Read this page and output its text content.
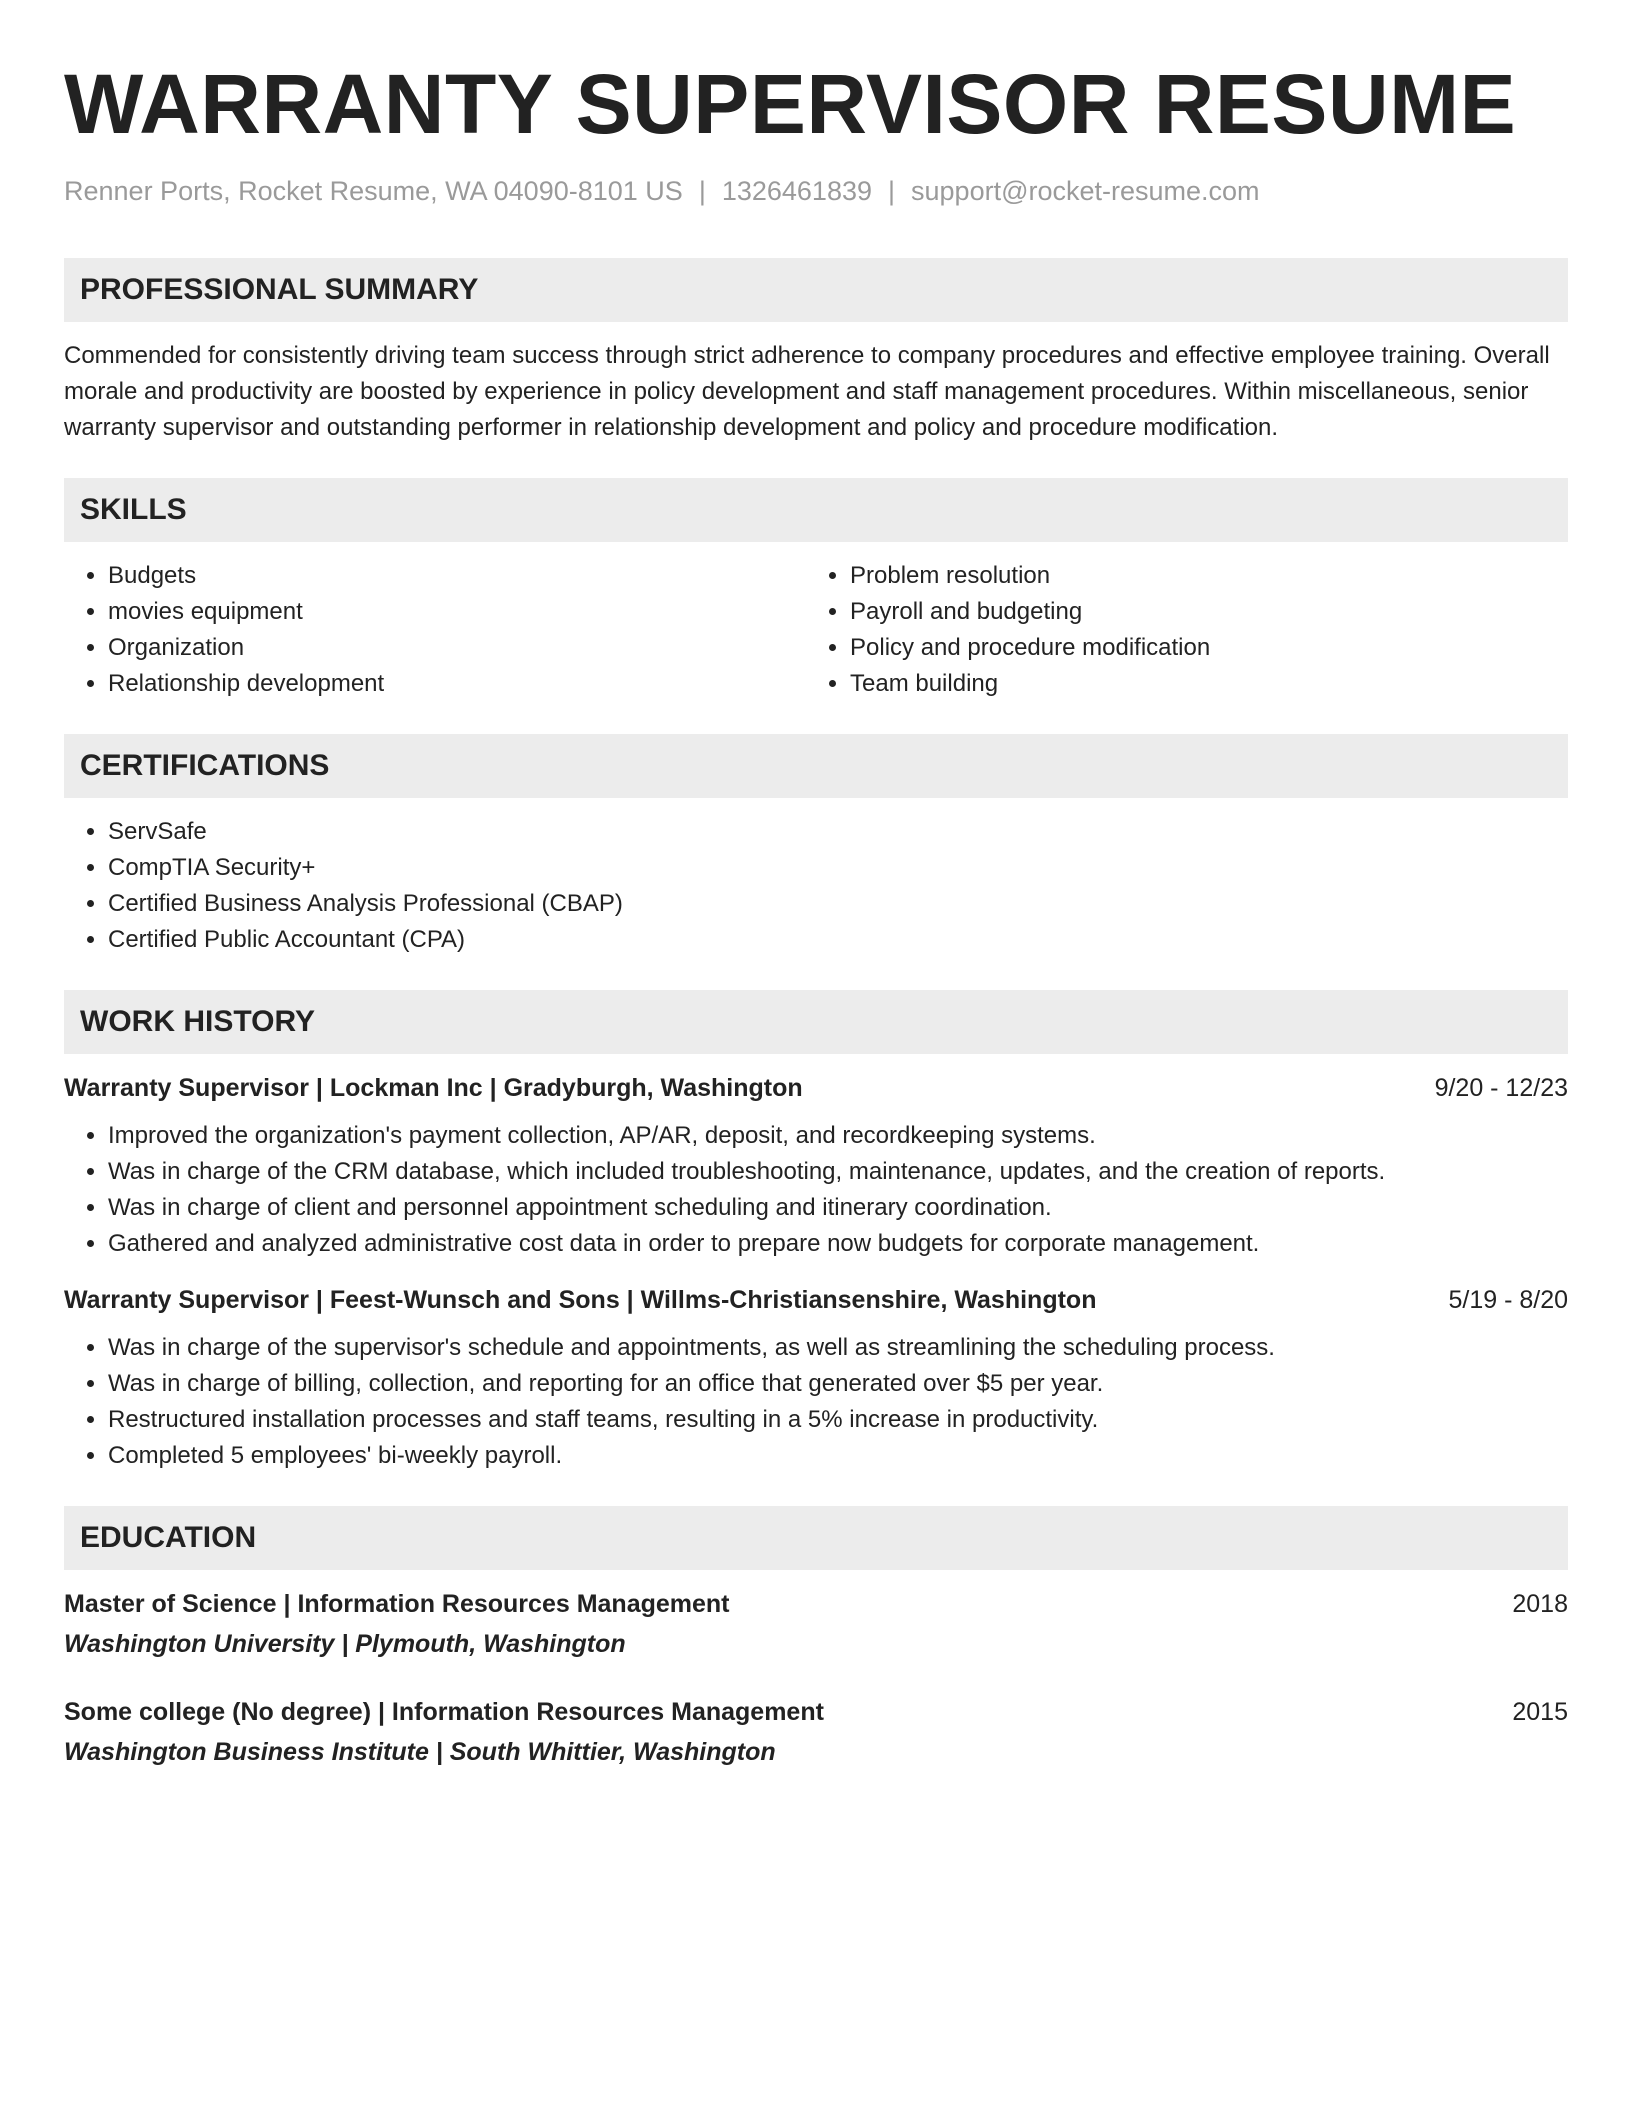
WARRANTY SUPERVISOR RESUME
Renner Ports, Rocket Resume, WA 04090-8101 US | 1326461839 | support@rocket-resume.com
PROFESSIONAL SUMMARY
Commended for consistently driving team success through strict adherence to company procedures and effective employee training. Overall morale and productivity are boosted by experience in policy development and staff management procedures. Within miscellaneous, senior warranty supervisor and outstanding performer in relationship development and policy and procedure modification.
SKILLS
• Budgets
• movies equipment
• Organization
• Relationship development
• Problem resolution
• Payroll and budgeting
• Policy and procedure modification
• Team building
CERTIFICATIONS
• ServSafe
• CompTIA Security+
• Certified Business Analysis Professional (CBAP)
• Certified Public Accountant (CPA)
WORK HISTORY
Warranty Supervisor | Lockman Inc | Gradyburgh, Washington	9/20 - 12/23
• Improved the organization's payment collection, AP/AR, deposit, and recordkeeping systems.
• Was in charge of the CRM database, which included troubleshooting, maintenance, updates, and the creation of reports.
• Was in charge of client and personnel appointment scheduling and itinerary coordination.
• Gathered and analyzed administrative cost data in order to prepare now budgets for corporate management.
Warranty Supervisor | Feest-Wunsch and Sons | Willms-Christiansenshire, Washington	5/19 - 8/20
• Was in charge of the supervisor's schedule and appointments, as well as streamlining the scheduling process.
• Was in charge of billing, collection, and reporting for an office that generated over $5 per year.
• Restructured installation processes and staff teams, resulting in a 5% increase in productivity.
• Completed 5 employees' bi-weekly payroll.
EDUCATION
Master of Science | Information Resources Management	2018
Washington University | Plymouth, Washington
Some college (No degree) | Information Resources Management	2015
Washington Business Institute | South Whittier, Washington
